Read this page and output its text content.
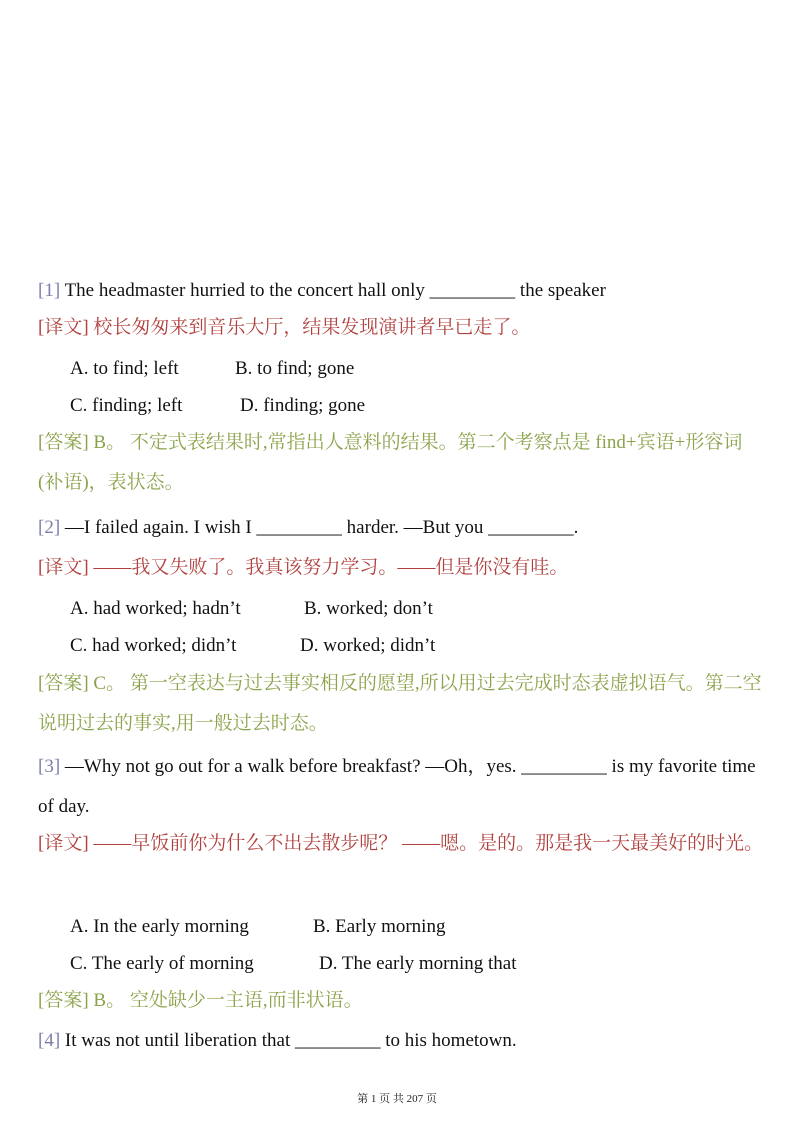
[1] The headmaster hurried to the concert hall only _________ the speaker
[译文] 校长匆匆来到音乐大厅，结果发现演讲者早已走了。
A. to find; left	B. to find; gone
C. finding; left	D. finding; gone
[答案] B。 不定式表结果时,常指出人意料的结果。第二个考察点是 find+宾语+形容词(补语)，表状态。
[2] —I failed again. I wish I _________ harder. —But you _________.
[译文] ——我又失败了。我真该努力学习。——但是你没有哇。
A. had worked; hadn’t	B. worked; don’t
C. had worked; didn’t	D. worked; didn’t
[答案] C。 第一空表达与过去事实相反的愿望,所以用过去完成时态表虚拟语气。第二空说明过去的事实,用一般过去时态。
[3] —Why not go out for a walk before breakfast? —Oh，yes. _________ is my favorite time of day.
[译文] ——早饭前你为什么不出去散步呢？ ——嗯。是的。那是我一天最美好的时光。
A. In the early morning	B. Early morning
C. The early of morning	D. The early morning that
[答案] B。 空处缺少一主语,而非状语。
[4] It was not until liberation that _________ to his hometown.
第 1 页 共 207 页
